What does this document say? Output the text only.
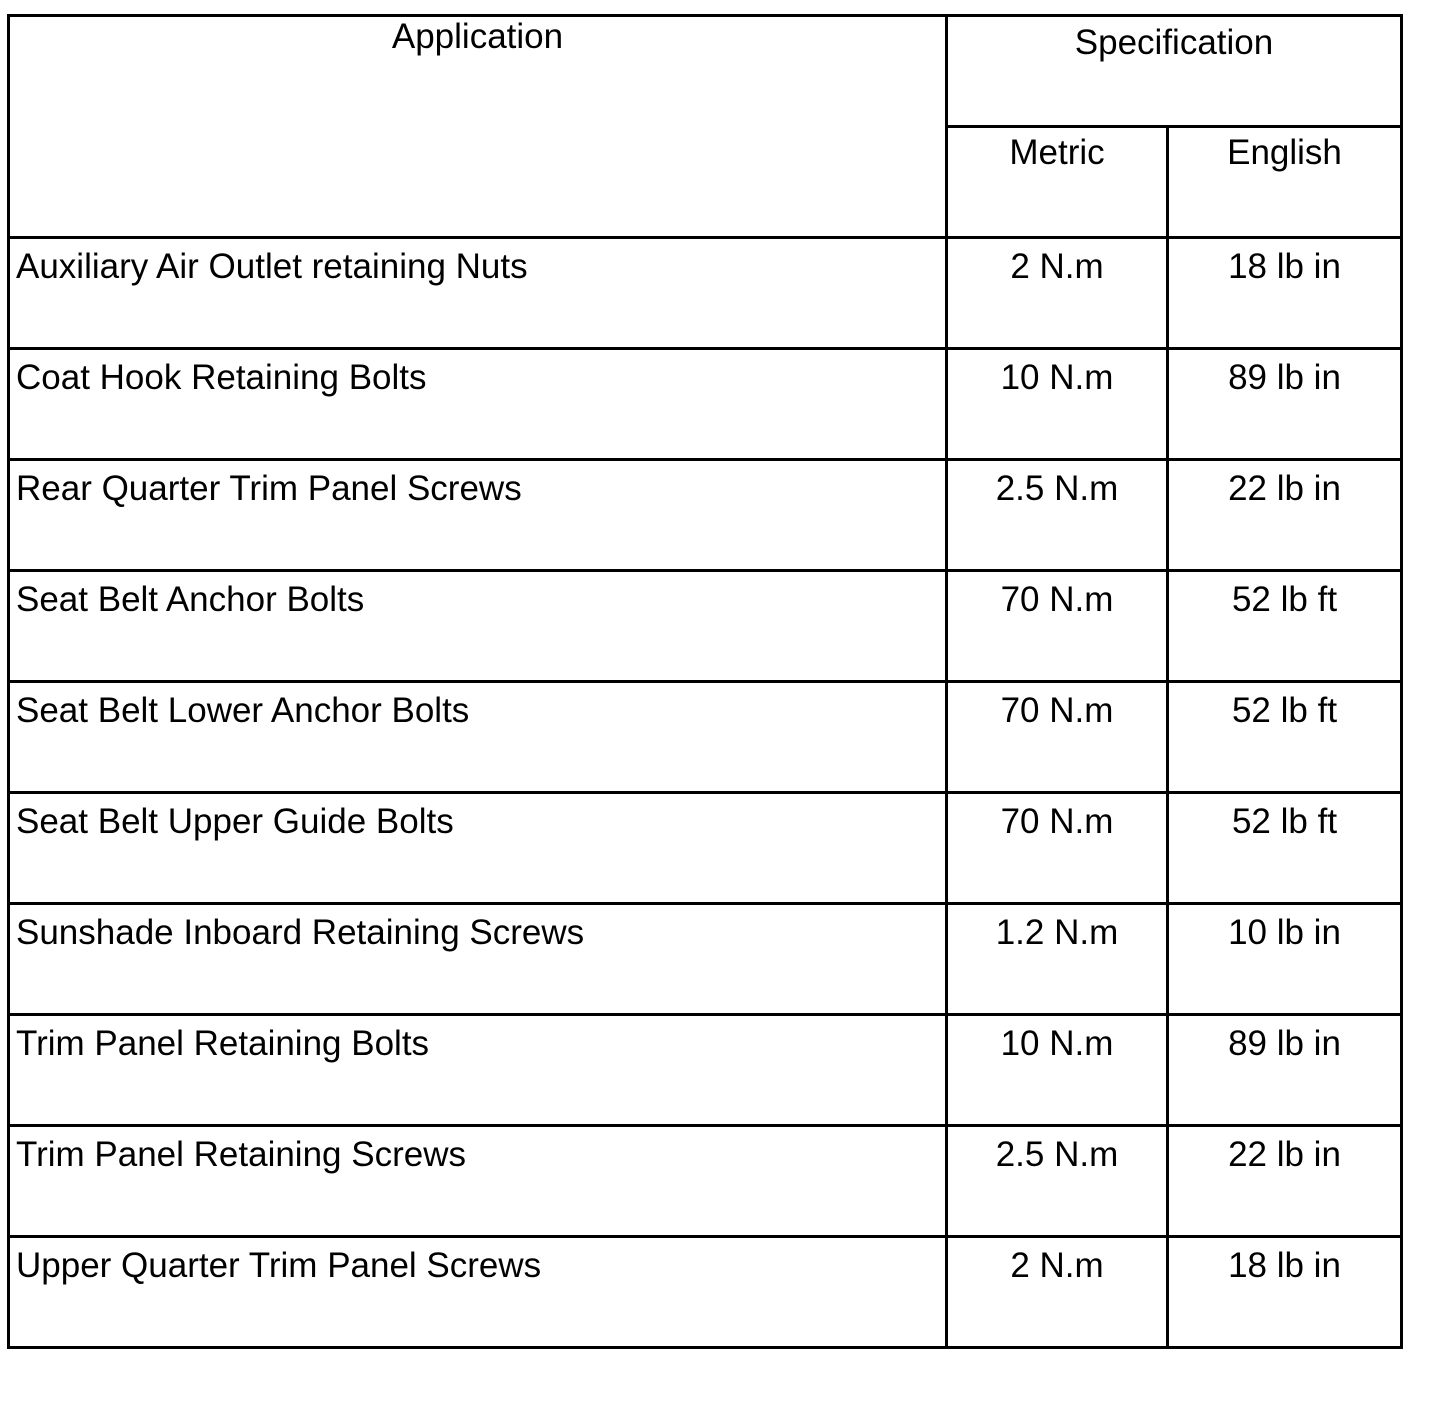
Application	Specification	

	Metric	English

Auxiliary Air Outlet retaining Nuts	2 N.m	18 lb in

Coat Hook Retaining Bolts	10 N.m	89 lb in

Rear Quarter Trim Panel Screws	2.5 N.m	22 lb in

Seat Belt Anchor Bolts	70 N.m	52 lb ft

Seat Belt Lower Anchor Bolts	70 N.m	52 lb ft

Seat Belt Upper Guide Bolts	70 N.m	52 lb ft

Sunshade Inboard Retaining Screws	1.2 N.m	10 lb in

Trim Panel Retaining Bolts	10 N.m	89 lb in

Trim Panel Retaining Screws	2.5 N.m	22 lb in

Upper Quarter Trim Panel Screws	2 N.m	18 lb in
